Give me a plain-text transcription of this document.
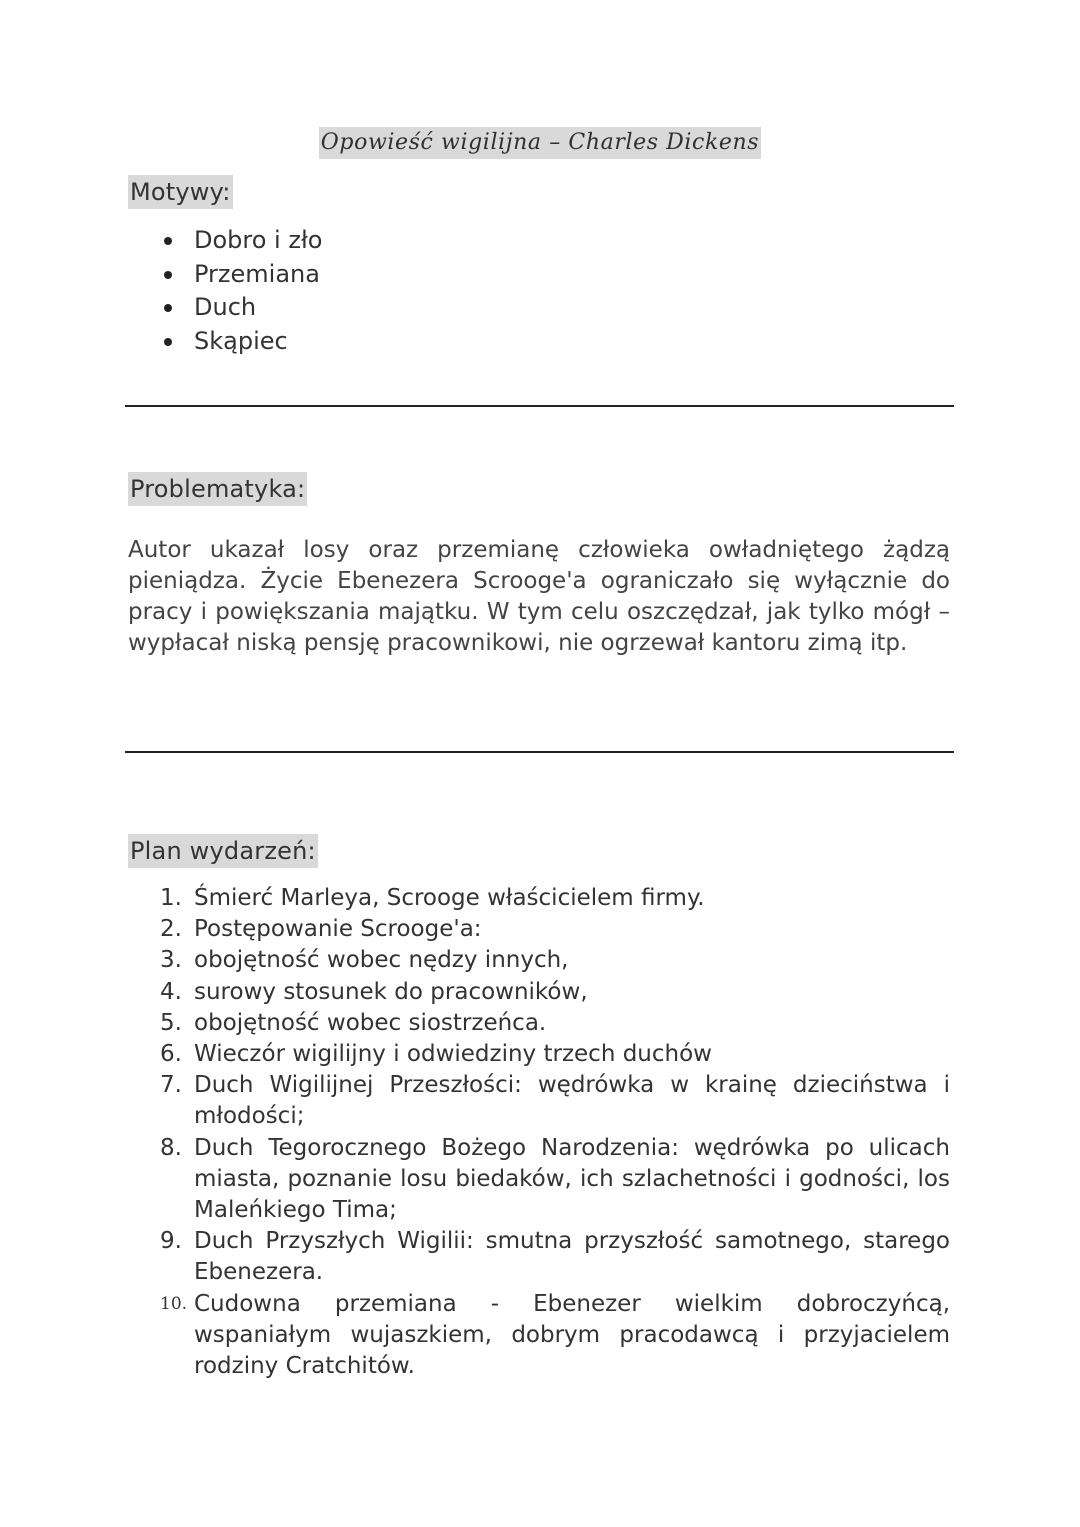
Opowieść wigilijna – Charles Dickens
Motywy:
Dobro i zło
Przemiana
Duch
Skąpiec
Problematyka:

Autor ukazał losy oraz przemianę człowieka owładniętego żądzą pieniądza. Życie Ebenezera Scrooge'a ograniczało się wyłącznie do pracy i powiększania majątku. W tym celu oszczędzał, jak tylko mógł – wypłacał niską pensję pracownikowi, nie ogrzewał kantoru zimą itp.

Plan wydarzeń:
1. Śmierć Marleya, Scrooge właścicielem firmy.
2. Postępowanie Scrooge'a:
3. obojętność wobec nędzy innych,
4. surowy stosunek do pracowników,
5. obojętność wobec siostrzeńca.
6. Wieczór wigilijny i odwiedziny trzech duchów
7. Duch Wigilijnej Przeszłości: wędrówka w krainę dzieciństwa i młodości;
8. Duch Tegorocznego Bożego Narodzenia: wędrówka po ulicach miasta, poznanie losu biedaków, ich szlachetności i godności, los Maleńkiego Tima;
9. Duch Przyszłych Wigilii: smutna przyszłość samotnego, starego Ebenezera.
10. Cudowna przemiana - Ebenezer wielkim dobroczyńcą, wspaniałym wujaszkiem, dobrym pracodawcą i przyjacielem rodziny Cratchitów.
